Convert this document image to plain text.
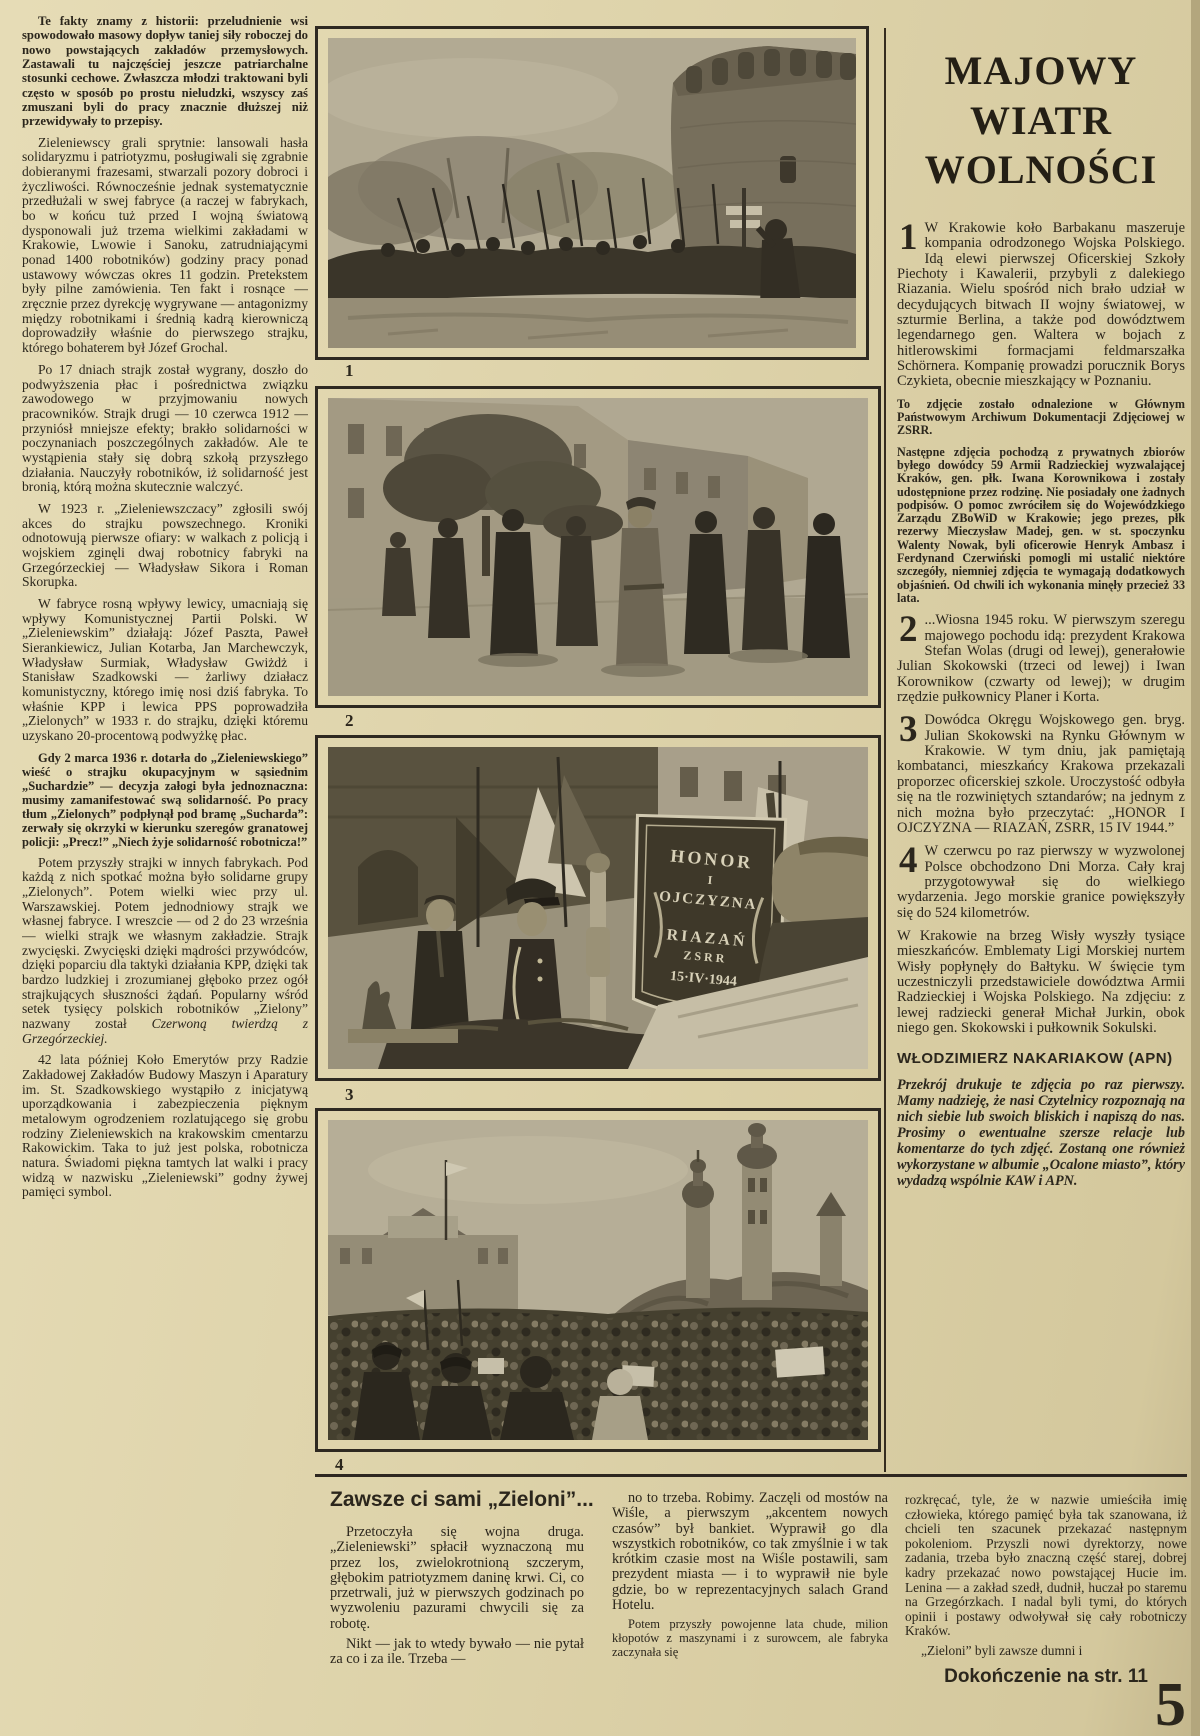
Te fakty znamy z historii: przeludnienie wsi spowodowało masowy dopływ taniej siły roboczej do nowo powstających zakładów przemysłowych. Zastawali tu najczęściej jeszcze patriarchalne stosunki cechowe. Zwłaszcza młodzi traktowani byli często w sposób po prostu nieludzki, wszyscy zaś zmuszani byli do pracy znacznie dłuższej niż przewidywały to przepisy.

Zieleniewscy grali sprytnie: lansowali hasła solidaryzmu i patriotyzmu, posługiwali się zgrabnie dobieranymi frazesami, stwarzali pozory dobroci i życzliwości. Równocześnie jednak systematycznie przedłużali w swej fabryce (a raczej w fabrykach, bo w końcu tuż przed I wojną światową dysponowali już trzema wielkimi zakładami w Krakowie, Lwowie i Sanoku, zatrudniającymi ponad 1400 robotników) godziny pracy ponad ustawowy wówczas okres 11 godzin. Pretekstem były pilne zamówienia. Ten fakt i rosnące — zręcznie przez dyrekcję wygrywane — antagonizmy między robotnikami i średnią kadrą kierowniczą doprowadziły właśnie do pierwszego strajku, którego bohaterem był Józef Grochal.

Po 17 dniach strajk został wygrany, doszło do podwyższenia płac i pośrednictwa związku zawodowego w przyjmowaniu nowych pracowników. Strajk drugi — 10 czerwca 1912 — przyniósł mniejsze efekty; brakło solidarności w poczynaniach poszczególnych zakładów. Ale te wystąpienia stały się dobrą szkołą przyszłego działania. Nauczyły robotników, iż solidarność jest bronią, którą można skutecznie walczyć.

W 1923 r. „Zieleniewszczacy” zgłosili swój akces do strajku powszechnego. Kroniki odnotowują pierwsze ofiary: w walkach z policją i wojskiem zginęli dwaj robotnicy fabryki na Grzegórzeckiej — Władysław Sikora i Roman Skorupka.

W fabryce rosną wpływy lewicy, umacniają się wpływy Komunistycznej Partii Polski. W „Zieleniewskim” działają: Józef Paszta, Paweł Sierankiewicz, Julian Kotarba, Jan Marchewczyk, Władysław Surmiak, Władysław Gwiżdż i Stanisław Szadkowski — żarliwy działacz komunistyczny, którego imię nosi dziś fabryka. To właśnie KPP i lewica PPS poprowadziła „Zielonych” w 1933 r. do strajku, dzięki któremu uzyskano 20-procentową podwyżkę płac.

Gdy 2 marca 1936 r. dotarła do „Zieleniewskiego” wieść o strajku okupacyjnym w sąsiednim „Suchardzie” — decyzja załogi była jednoznaczna: musimy zamanifestować swą solidarność. Po pracy tłum „Zielonych” podpłynął pod bramę „Sucharda”: zerwały się okrzyki w kierunku szeregów granatowej policji: „Precz!” „Niech żyje solidarność robotnicza!”

Potem przyszły strajki w innych fabrykach. Pod każdą z nich spotkać można było solidarne grupy „Zielonych”. Potem wielki wiec przy ul. Warszawskiej. Potem jednodniowy strajk we własnej fabryce. I wreszcie — od 2 do 23 września — wielki strajk we własnym zakładzie. Strajk zwycięski. Zwycięski dzięki mądrości przywódców, dzięki poparciu dla taktyki działania KPP, dzięki tak bardzo ludzkiej i zrozumianej głęboko przez ogół strajkujących słuszności żądań. Popularny wśród setek tysięcy polskich robotników „Zielony” nazwany został Czerwoną twierdzą z Grzegórzeckiej.

42 lata później Koło Emerytów przy Radzie Zakładowej Zakładów Budowy Maszyn i Aparatury im. St. Szadkowskiego wystąpiło z inicjatywą uporządkowania i zabezpieczenia pięknym metalowym ogrodzeniem rozlatującego się grobu rodziny Zieleniewskich na krakowskim cmentarzu Rakowickim. Taka to już jest polska, robotnicza natura. Świadomi piękna tamtych lat walki i pracy widzą w nazwisku „Zieleniewski” godny żywej pamięci symbol.

1
2
HONOR
I
OJCZYZNA
RIAZAŃ
ZSRR
15·IV·1944
3
4
MAJOWY
WIATR
WOLNOŚCI

1 W Krakowie koło Barbakanu maszeruje kompania odrodzonego Wojska Polskiego. Idą elewi pierwszej Oficerskiej Szkoły Piechoty i Kawalerii, przybyli z dalekiego Riazania. Wielu spośród nich brało udział w decydujących bitwach II wojny światowej, w szturmie Berlina, a także pod dowództwem legendarnego gen. Waltera w bojach z hitlerowskimi formacjami feldmarszałka Schörnera. Kompanię prowadzi porucznik Borys Czykieta, obecnie mieszkający w Poznaniu.

To zdjęcie zostało odnalezione w Głównym Państwowym Archiwum Dokumentacji Zdjęciowej w ZSRR.

Następne zdjęcia pochodzą z prywatnych zbiorów byłego dowódcy 59 Armii Radzieckiej wyzwalającej Kraków, gen. płk. Iwana Korownikowa i zostały udostępnione przez rodzinę. Nie posiadały one żadnych podpisów. O pomoc zwróciłem się do Wojewódzkiego Zarządu ZBoWiD w Krakowie; jego prezes, płk rezerwy Mieczysław Madej, gen. w st. spoczynku Walenty Nowak, byli oficerowie Henryk Ambasz i Ferdynand Czerwiński pomogli mi ustalić niektóre szczegóły, niemniej zdjęcia te wymagają dodatkowych objaśnień. Od chwili ich wykonania minęły przecież 33 lata.

2 ...Wiosna 1945 roku. W pierwszym szeregu majowego pochodu idą: prezydent Krakowa Stefan Wolas (drugi od lewej), generałowie Julian Skokowski (trzeci od lewej) i Iwan Korownikow (czwarty od lewej); w drugim rzędzie pułkownicy Planer i Korta.

3 Dowódca Okręgu Wojskowego gen. bryg. Julian Skokowski na Rynku Głównym w Krakowie. W tym dniu, jak pamiętają kombatanci, mieszkańcy Krakowa przekazali proporzec oficerskiej szkole. Uroczystość odbyła się na tle rozwiniętych sztandarów; na jednym z nich można było przeczytać: „HONOR I OJCZYZNA — RIAZAŃ, ZSRR, 15 IV 1944.”

4 W czerwcu po raz pierwszy w wyzwolonej Polsce obchodzono Dni Morza. Cały kraj przygotowywał się do wielkiego wydarzenia. Jego morskie granice powiększyły się do 524 kilometrów.

W Krakowie na brzeg Wisły wyszły tysiące mieszkańców. Emblematy Ligi Morskiej nurtem Wisły popłynęły do Bałtyku. W święcie tym uczestniczyli przedstawiciele dowództwa Armii Radzieckiej i Wojska Polskiego. Na zdjęciu: z lewej radziecki generał Michał Jurkin, obok niego gen. Skokowski i pułkownik Sokulski.

WŁODZIMIERZ NAKARIAKOW (APN)

Przekrój drukuje te zdjęcia po raz pierwszy. Mamy nadzieję, że nasi Czytelnicy rozpoznają na nich siebie lub swoich bliskich i napiszą do nas. Prosimy o ewentualne szersze relacje lub komentarze do tych zdjęć. Zostaną one również wykorzystane w albumie „Ocalone miasto”, który wydadzą wspólnie KAW i APN.

Zawsze ci sami „Zieloni”...

Przetoczyła się wojna druga. „Zieleniewski” spłacił wyznaczoną mu przez los, zwielokrotnioną szczerym, głębokim patriotyzmem daninę krwi. Ci, co przetrwali, już w pierwszych godzinach po wyzwoleniu pazurami chwycili się za robotę.

Nikt — jak to wtedy bywało — nie pytał za co i za ile. Trzeba —

no to trzeba. Robimy. Zaczęli od mostów na Wiśle, a pierwszym „akcentem nowych czasów” był bankiet. Wyprawił go dla wszystkich robotników, co tak zmyślnie i w tak krótkim czasie most na Wiśle postawili, sam prezydent miasta — i to wyprawił nie byle gdzie, bo w reprezentacyjnych salach Grand Hotelu.

Potem przyszły powojenne lata chude, milion kłopotów z maszynami i z surowcem, ale fabryka zaczynała się

rozkręcać, tyle, że w nazwie umieściła imię człowieka, którego pamięć była tak szanowana, iż chcieli ten szacunek przekazać następnym pokoleniom. Przyszli nowi dyrektorzy, nowe zadania, trzeba było znaczną część starej, dobrej kadry przekazać nowo powstającej Hucie im. Lenina — a zakład szedł, dudnił, huczał po staremu na Grzegórzkach. I nadal byli tymi, do których opinii i postawy odwoływał się cały robotniczy Kraków.

„Zieloni” byli zawsze dumni i

Dokończenie na str. 11 5
